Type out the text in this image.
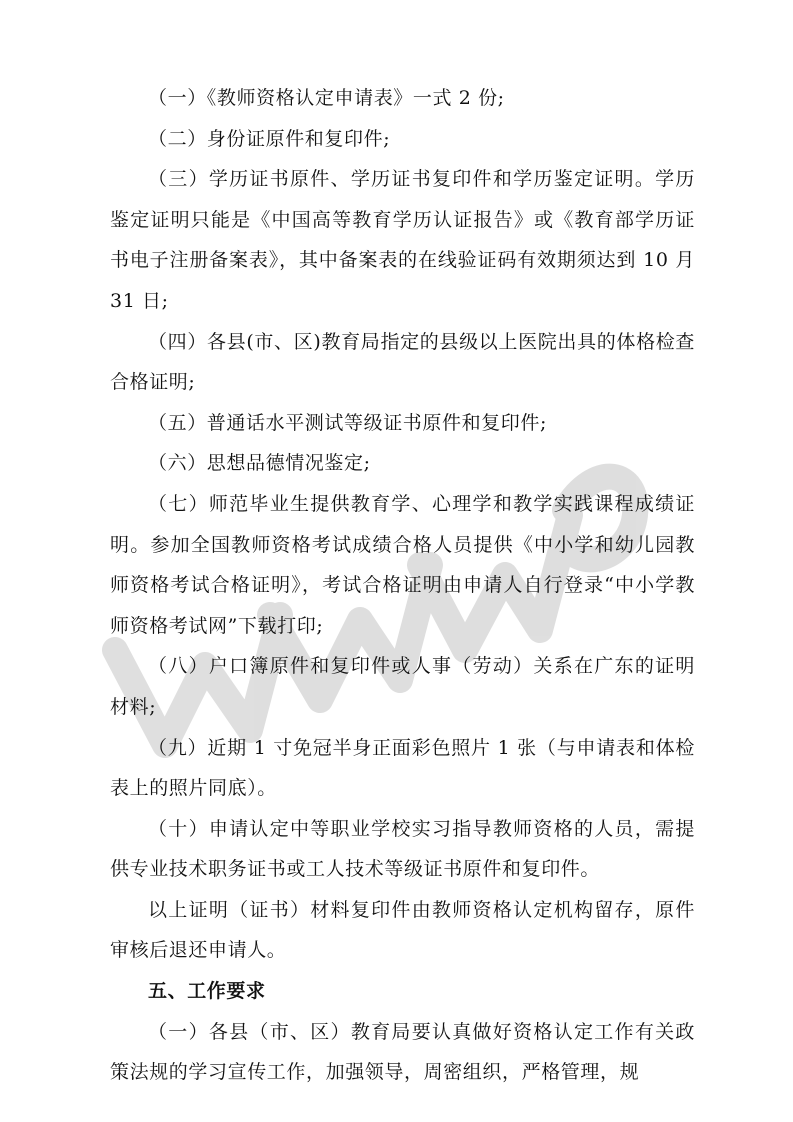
（一）《教师资格认定申请表》一式 2 份;

（二）身份证原件和复印件;

（三）学历证书原件、学历证书复印件和学历鉴定证明。学历鉴定证明只能是《中国高等教育学历认证报告》或《教育部学历证书电子注册备案表》，其中备案表的在线验证码有效期须达到 10 月 31 日;

（四）各县(市、区)教育局指定的县级以上医院出具的体格检查合格证明;

（五）普通话水平测试等级证书原件和复印件;

（六）思想品德情况鉴定;

（七）师范毕业生提供教育学、心理学和教学实践课程成绩证明。参加全国教师资格考试成绩合格人员提供《中小学和幼儿园教师资格考试合格证明》，考试合格证明由申请人自行登录“中小学教师资格考试网”下载打印;

（八）户口簿原件和复印件或人事（劳动）关系在广东的证明材料;

（九）近期 1 寸免冠半身正面彩色照片 1 张（与申请表和体检表上的照片同底）。

（十）申请认定中等职业学校实习指导教师资格的人员，需提供专业技术职务证书或工人技术等级证书原件和复印件。

以上证明（证书）材料复印件由教师资格认定机构留存，原件审核后退还申请人。

五、工作要求

（一）各县（市、区）教育局要认真做好资格认定工作有关政策法规的学习宣传工作，加强领导，周密组织，严格管理，规
